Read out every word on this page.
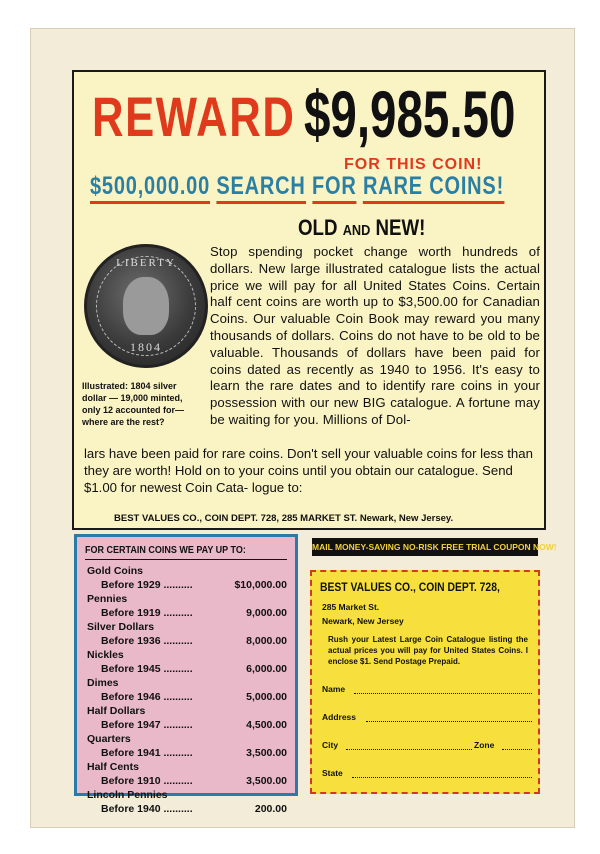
REWARD $9,985.50
FOR THIS COIN!
$500,000.00 SEARCH FOR RARE COINS!
OLD AND NEW!
LIBERTY
1804
Illustrated: 1804 silver dollar — 19,000 minted, only 12 accounted for— where are the rest?
Stop spending pocket change worth hundreds of dollars. New large illustrated catalogue lists the actual price we will pay for all United States Coins. Certain half cent coins are worth up to $3,500.00 for Canadian Coins. Our valuable Coin Book may reward you many thousands of dollars. Coins do not have to be old to be valuable. Thousands of dollars have been paid for coins dated as recently as 1940 to 1956. It's easy to learn the rare dates and to identify rare coins in your possession with our new BIG catalogue. A fortune may be waiting for you. Millions of Dol-
lars have been paid for rare coins. Don't sell your valuable coins for less than they are worth! Hold on to your coins until you obtain our catalogue. Send $1.00 for newest Coin Cata- logue to:
BEST VALUES CO., COIN DEPT. 728, 285 MARKET ST. Newark, New Jersey.
FOR CERTAIN COINS WE PAY UP TO:
Gold Coins
Before 1929 ..........	$10,000.00
Pennies
Before 1919 ..........	9,000.00
Silver Dollars
Before 1936 ..........	8,000.00
Nickles
Before 1945 ..........	6,000.00
Dimes
Before 1946 ..........	5,000.00
Half Dollars
Before 1947 ..........	4,500.00
Quarters
Before 1941 ..........	3,500.00
Half Cents
Before 1910 ..........	3,500.00
Lincoln Pennies
Before 1940 ..........	200.00
MAIL MONEY-SAVING NO-RISK FREE TRIAL COUPON NOW!
BEST VALUES CO., COIN DEPT. 728,
285 Market St.
Newark, New Jersey
Rush your Latest Large Coin Catalogue listing the actual prices you will pay for United States Coins. I enclose $1. Send Postage Prepaid.
Name
Address
City	Zone
State
